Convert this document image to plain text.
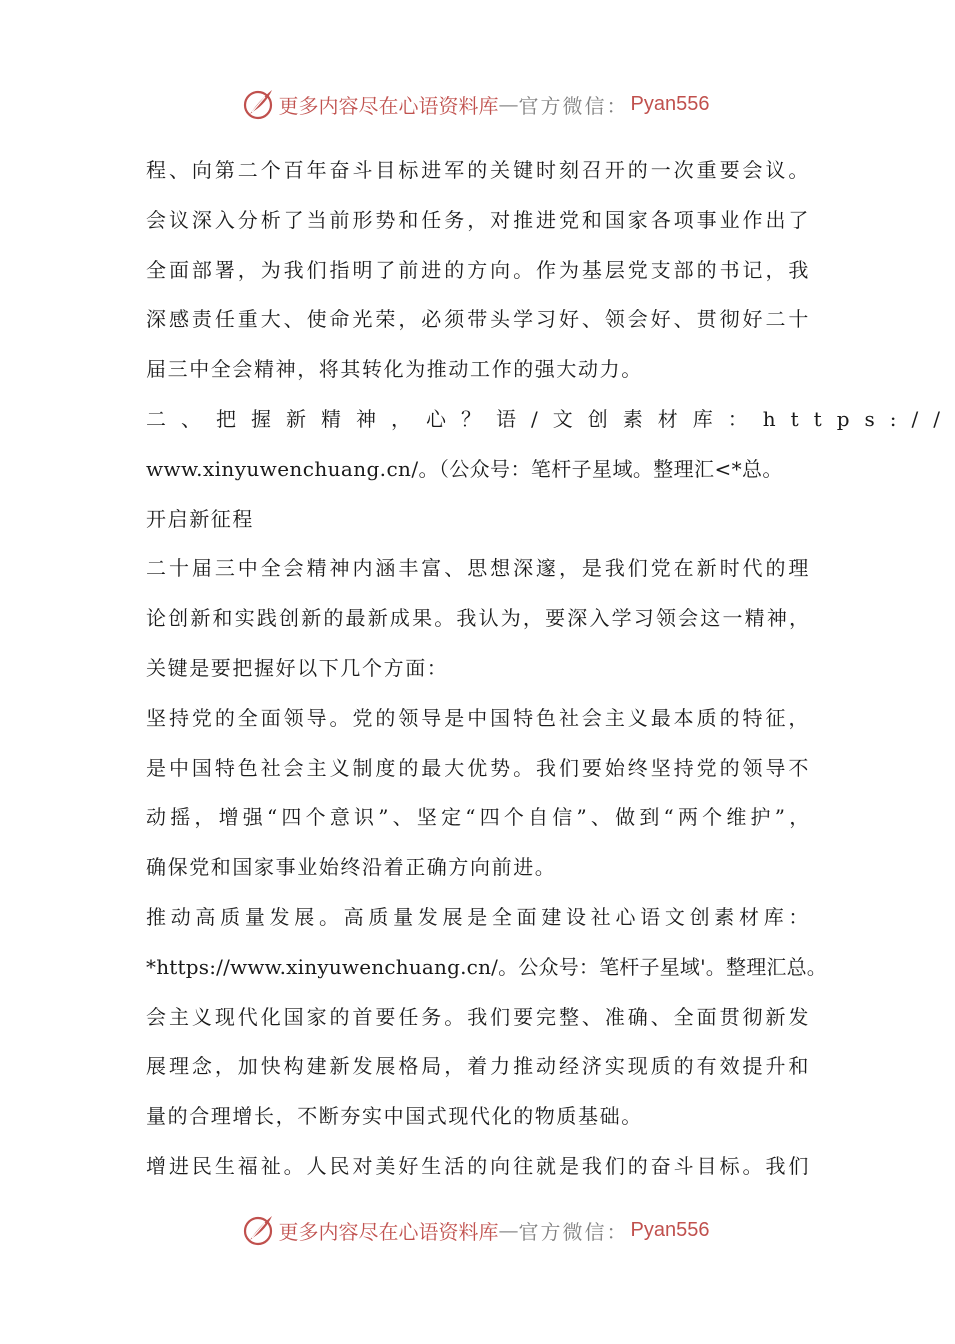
更多内容尽在心语资料库 — 官方微信： Pyan556
程、向第二个百年奋斗目标进军的关键时刻召开的一次重要会议。
会议深入分析了当前形势和任务，对推进党和国家各项事业作出了
全面部署，为我们指明了前进的方向。作为基层党支部的书记，我
深感责任重大、使命光荣，必须带头学习好、领会好、贯彻好二十
届三中全会精神，将其转化为推动工作的强大动力。
二、把握新精神，心？语/文创素材库：https://
www.xinyuwenchuang.cn/。（公众号：笔杆子星域。整理汇<*总。
开启新征程
二十届三中全会精神内涵丰富、思想深邃，是我们党在新时代的理
论创新和实践创新的最新成果。我认为，要深入学习领会这一精神，
关键是要把握好以下几个方面：
坚持党的全面领导。党的领导是中国特色社会主义最本质的特征，
是中国特色社会主义制度的最大优势。我们要始终坚持党的领导不
动摇，增强“四个意识”、坚定“四个自信”、做到“两个维护”，
确保党和国家事业始终沿着正确方向前进。
推动高质量发展。高质量发展是全面建设社心语文创素材库：
*https://www.xinyuwenchuang.cn/。公众号：笔杆子星域'。整理汇总。
会主义现代化国家的首要任务。我们要完整、准确、全面贯彻新发
展理念，加快构建新发展格局，着力推动经济实现质的有效提升和
量的合理增长，不断夯实中国式现代化的物质基础。
增进民生福祉。人民对美好生活的向往就是我们的奋斗目标。我们
更多内容尽在心语资料库 — 官方微信： Pyan556
